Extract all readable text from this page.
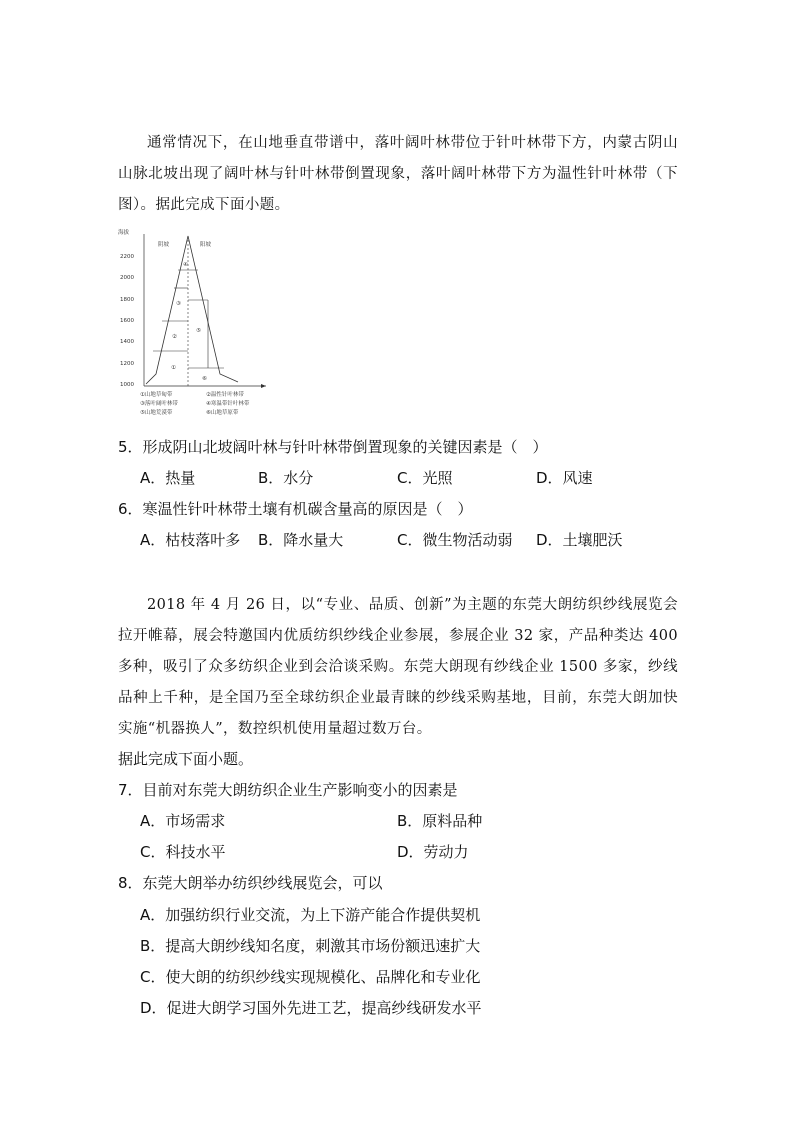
通常情况下，在山地垂直带谱中，落叶阔叶林带位于针叶林带下方，内蒙古阴山山脉北坡出现了阔叶林与针叶林带倒置现象，落叶阔叶林带下方为温性针叶林带（下图）。据此完成下面小题。
海拔
2200
2000
1800
1600
1400
1200
1000
阴坡	阳坡
④
③
②
①
⑤
⑥
①山地草甸带	②温性针叶林带
③落叶阔叶林带	④寒温带针叶林带
⑤山地荒漠带	⑥山地草原带
5．形成阴山北坡阔叶林与针叶林带倒置现象的关键因素是（　）
A．热量	B．水分	C．光照	D．风速
6．寒温性针叶林带土壤有机碳含量高的原因是（　）
A．枯枝落叶多 B．降水量大	C．微生物活动弱 D．土壤肥沃
2018 年 4 月 26 日，以“专业、品质、创新”为主题的东莞大朗纺织纱线展览会拉开帷幕，展会特邀国内优质纺织纱线企业参展，参展企业 32 家，产品种类达 400 多种，吸引了众多纺织企业到会洽谈采购。东莞大朗现有纱线企业 1500 多家，纱线品种上千种，是全国乃至全球纺织企业最青睐的纱线采购基地，目前，东莞大朗加快实施“机器换人”，数控织机使用量超过数万台。
据此完成下面小题。
7．目前对东莞大朗纺织企业生产影响变小的因素是
A．市场需求	B．原料品种
C．科技水平	D．劳动力
8．东莞大朗举办纺织纱线展览会，可以
A．加强纺织行业交流，为上下游产能合作提供契机
B．提高大朗纱线知名度，刺激其市场份额迅速扩大
C．使大朗的纺织纱线实现规模化、品牌化和专业化
D．促进大朗学习国外先进工艺，提高纱线研发水平
